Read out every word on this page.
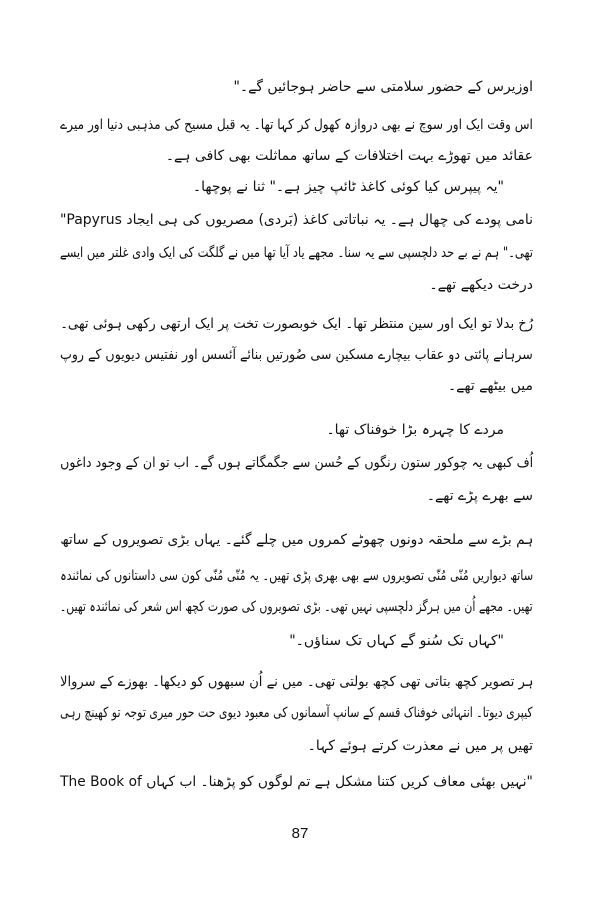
اوزیرس کے حضور سلامتی سے حاضر ہوجائیں گے۔"
اس وقت ایک اور سوچ نے بھی دروازہ کھول کر کہا تھا۔ یہ قبل مسیح کی مذہبی دنیا اور میرے
عقائد میں تھوڑے بہت اختلافات کے ساتھ مماثلت بھی کافی ہے۔
"یہ پیپرس کیا کوئی کاغذ ٹائپ چیز ہے۔" ثنا نے پوچھا۔
"Papyrus نامی پودے کی چھال ہے۔ یہ نباتاتی کاغذ (بَردی) مصریوں کی ہی ایجاد
تھی۔" ہم نے بے حد دلچسپی سے یہ سنا۔ مجھے یاد آیا تھا میں نے گلگت کی ایک وادی غلتر میں ایسے
درخت دیکھے تھے۔
رُخ بدلا تو ایک اور سین منتظر تھا۔ ایک خوبصورت تخت پر ایک ارتھی رکھی ہوئی تھی۔
سرہانے پائتی دو عقاب بیچارے مسکین سی صُورتیں بنائے آئسس اور نفتیس دیویوں کے روپ
میں بیٹھے تھے۔
مردے کا چہرہ بڑا خوفناک تھا۔
اُف کبھی یہ چوکور ستون رنگوں کے حُسن سے جگمگاتے ہوں گے۔ اب تو ان کے وجود داغوں
سے بھرے پڑے تھے۔
ہم بڑے سے ملحقہ دونوں چھوٹے کمروں میں چلے گئے۔ یہاں بڑی تصویروں کے ساتھ
ساتھ دیواریں مُنّی مُنّی تصویروں سے بھی بھری پڑی تھیں۔ یہ مُنّی مُنّی کون سی داستانوں کی نمائندہ
تھیں۔ مجھے اُن میں ہرگز دلچسپی نہیں تھی۔ بڑی تصویروں کی صورت کچھ اس شعر کی نمائندہ تھیں۔
"کہاں تک سُنو گے کہاں تک سناؤں۔"
ہر تصویر کچھ بتاتی تھی کچھ بولتی تھی۔ میں نے اُن سبھوں کو دیکھا۔ بھوزے کے سروالا
کیپری دیوتا۔ انتہائی خوفناک قسم کے سانپ آسمانوں کی معبود دیوی حت حور میری توجہ تو کھینچ رہی
تھیں پر میں نے معذرت کرتے ہوئے کہا۔
"نہیں بھئی معاف کریں کتنا مشکل ہے تم لوگوں کو پڑھنا۔ اب کہاں The Book of
87
